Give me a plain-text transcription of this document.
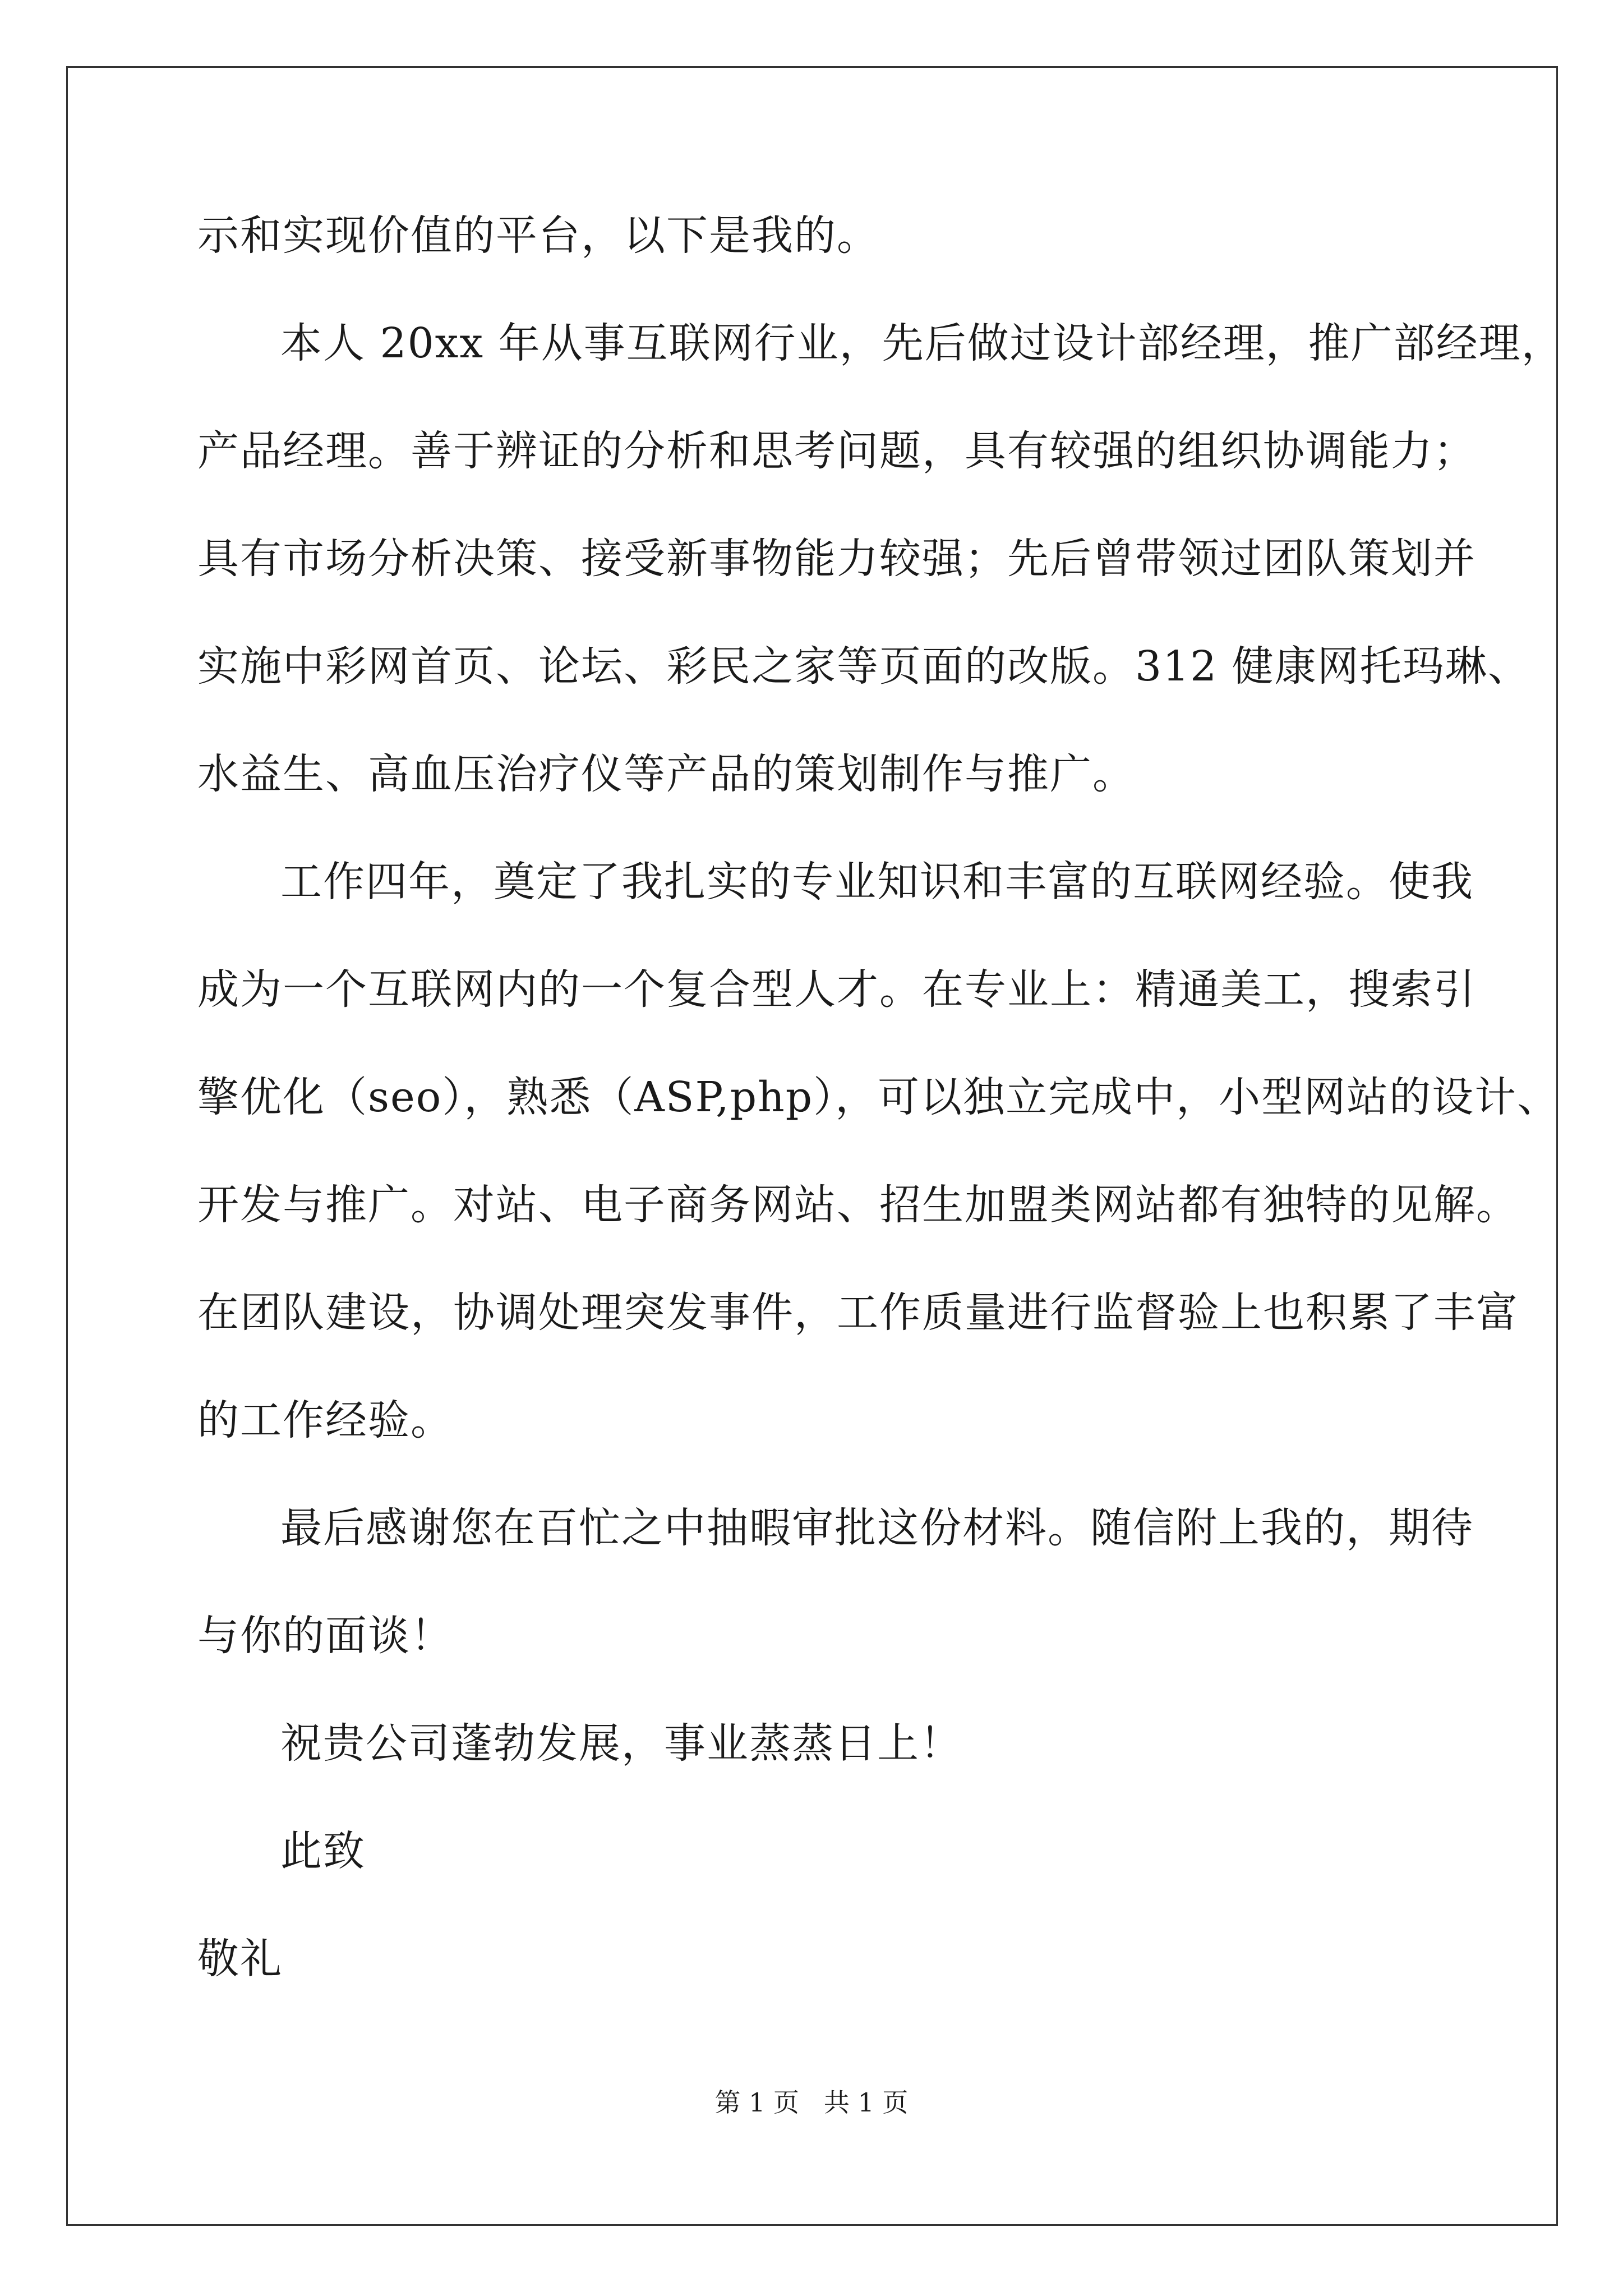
示和实现价值的平台，以下是我的。
本人 20xx 年从事互联网行业，先后做过设计部经理，推广部经理，
产品经理。善于辨证的分析和思考问题，具有较强的组织协调能力；
具有市场分析决策、接受新事物能力较强；先后曾带领过团队策划并
实施中彩网首页、论坛、彩民之家等页面的改版。312 健康网托玛琳、
水益生、高血压治疗仪等产品的策划制作与推广。
工作四年，奠定了我扎实的专业知识和丰富的互联网经验。使我
成为一个互联网内的一个复合型人才。在专业上：精通美工，搜索引
擎优化（seo），熟悉（ASP,php），可以独立完成中，小型网站的设计、
开发与推广。对站、电子商务网站、招生加盟类网站都有独特的见解。
在团队建设，协调处理突发事件，工作质量进行监督验上也积累了丰富
的工作经验。
最后感谢您在百忙之中抽暇审批这份材料。随信附上我的，期待
与你的面谈！
祝贵公司蓬勃发展，事业蒸蒸日上！
此致
敬礼
第 1 页   共 1 页
